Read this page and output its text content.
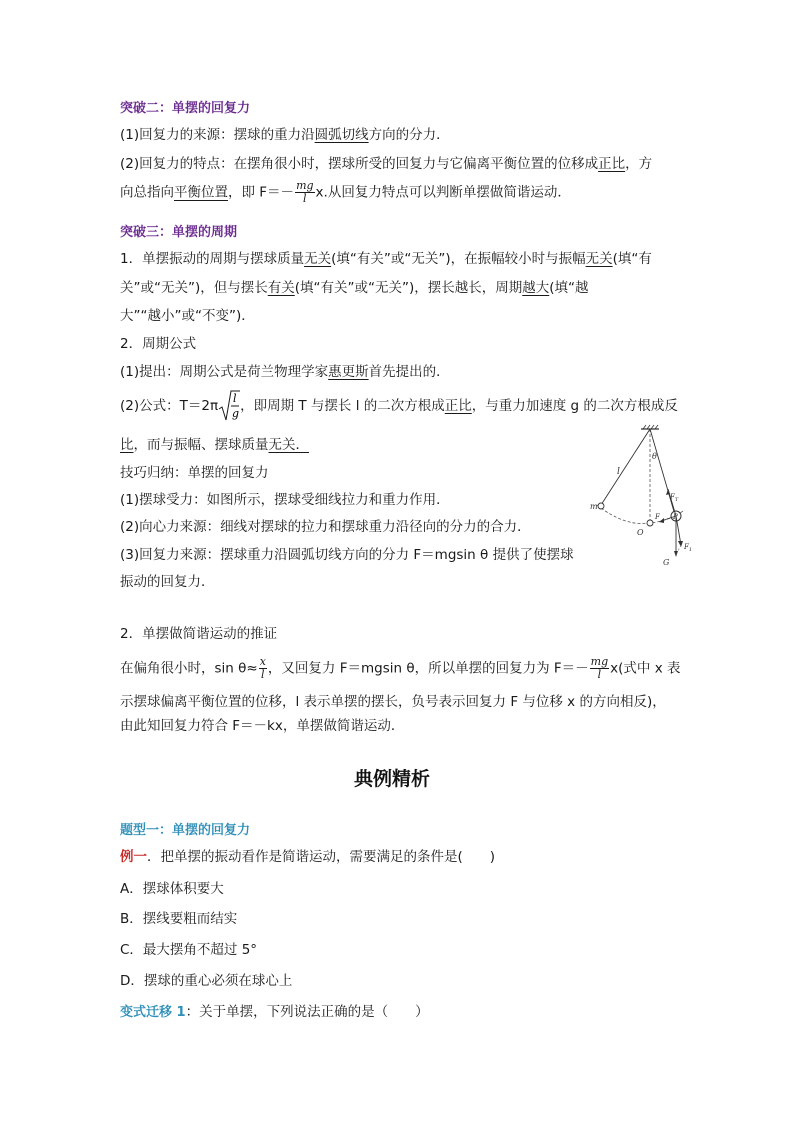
突破二：单摆的回复力
(1)回复力的来源：摆球的重力沿圆弧切线方向的分力．
(2)回复力的特点：在摆角很小时，摆球所受的回复力与它偏离平衡位置的位移成正比，方
向总指向平衡位置，即 $F=- \frac{mg}{l} x$.从回复力特点可以判断单摆做简谐运动．
突破三：单摆的周期
1．单摆振动的周期与摆球质量无关(填“有关”或“无关”)，在振幅较小时与振幅无关(填“有
关”或“无关”)，但与摆长有关(填“有关”或“无关”)，摆长越长，周期越大(填“越
大”“越小”或“不变”)．
2．周期公式
(1)提出：周期公式是荷兰物理学家惠更斯首先提出的．
(2)公式：T＝2π l
g ，即周期 T 与摆长 l 的二次方根成正比，与重力加速度 g 的二次方根成反
比，而与振幅、摆球质量无关．
技巧归纳：单摆的回复力
(1)摆球受力：如图所示，摆球受细线拉力和重力作用．
(2)向心力来源：细线对摆球的拉力和摆球重力沿径向的分力的合力．
(3)回复力来源：摆球重力沿圆弧切线方向的分力 F＝mgsin θ 提供了使摆球
振动的回复力．
θ
l
m
O
P
F
$F_T$
$F_1$
G
2．单摆做简谐运动的推证
在偏角很小时，$\sin \theta\approx \frac{x}{l}$ ，又回复力 F＝mgsin θ，所以单摆的回复力为 $F=- \frac{mg}{l} x$(式中 x 表
示摆球偏离平衡位置的位移，l 表示单摆的摆长，负号表示回复力 F 与位移 x 的方向相反)，
由此知回复力符合 F＝－kx，单摆做简谐运动．
典例精析
题型一：单摆的回复力
例一．把单摆的振动看作是简谐运动，需要满足的条件是(　　)
A．摆球体积要大
B．摆线要粗而结实
C．最大摆角不超过 5°
D．摆球的重心必须在球心上
变式迁移 1：关于单摆，下列说法正确的是（　　）
